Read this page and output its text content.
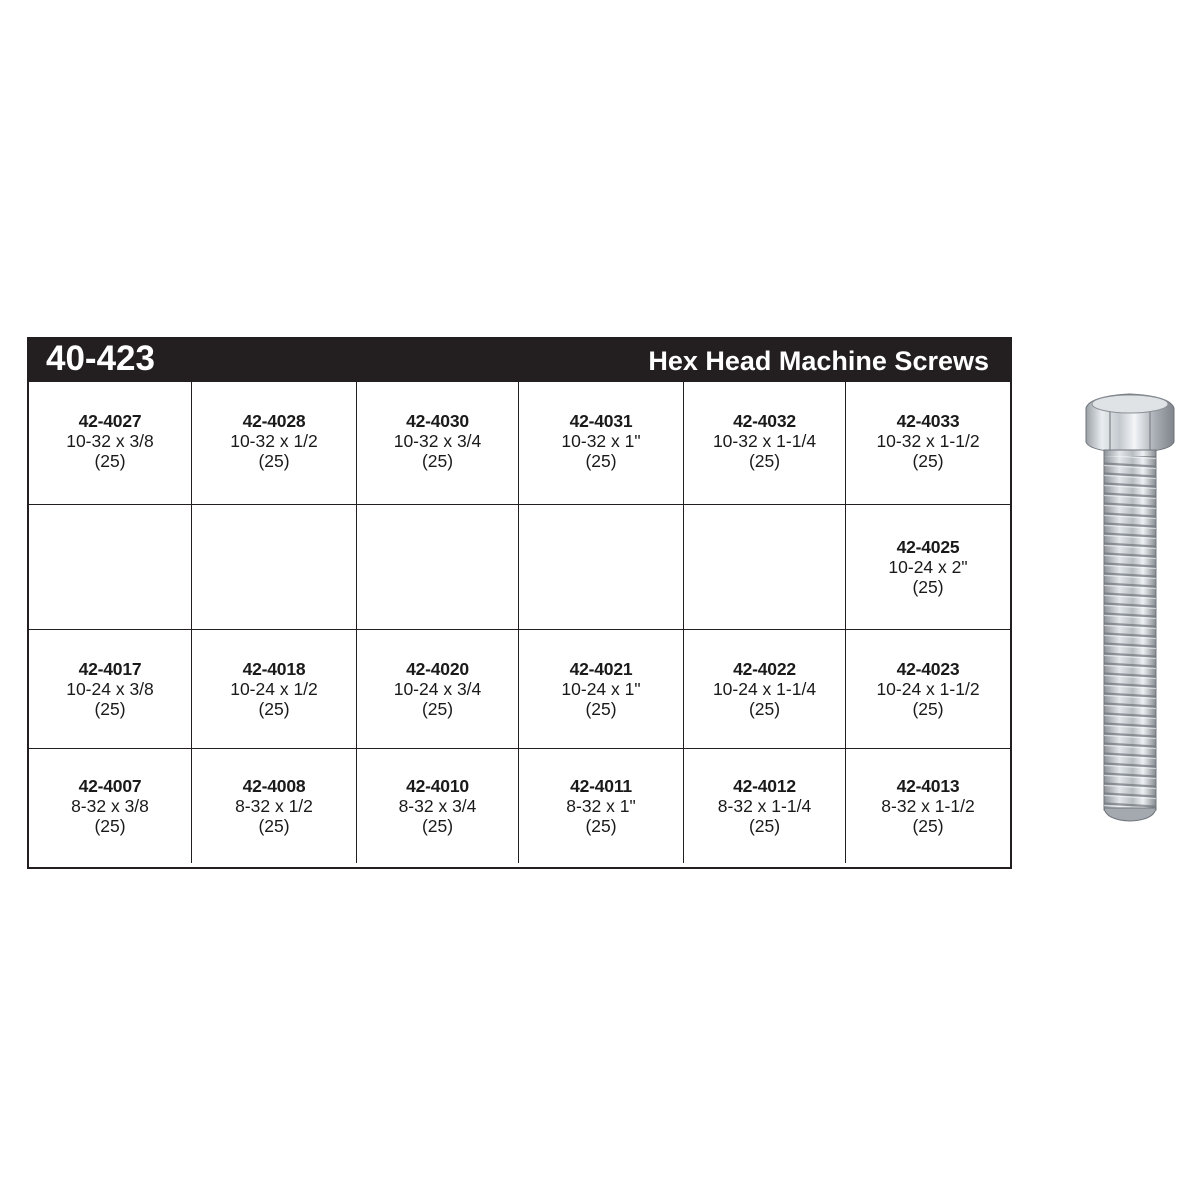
40-423	Hex Head Machine Screws
42-4027
10-32 x 3/8
(25)
42-4028
10-32 x 1/2
(25)
42-4030
10-32 x 3/4
(25)
42-4031
10-32 x 1"
(25)
42-4032
10-32 x 1-1/4
(25)
42-4033
10-32 x 1-1/2
(25)
42-4025
10-24 x 2"
(25)
42-4017
10-24 x 3/8
(25)
42-4018
10-24 x 1/2
(25)
42-4020
10-24 x 3/4
(25)
42-4021
10-24 x 1"
(25)
42-4022
10-24 x 1-1/4
(25)
42-4023
10-24 x 1-1/2
(25)
42-4007
8-32 x 3/8
(25)
42-4008
8-32 x 1/2
(25)
42-4010
8-32 x 3/4
(25)
42-4011
8-32 x 1"
(25)
42-4012
8-32 x 1-1/4
(25)
42-4013
8-32 x 1-1/2
(25)
